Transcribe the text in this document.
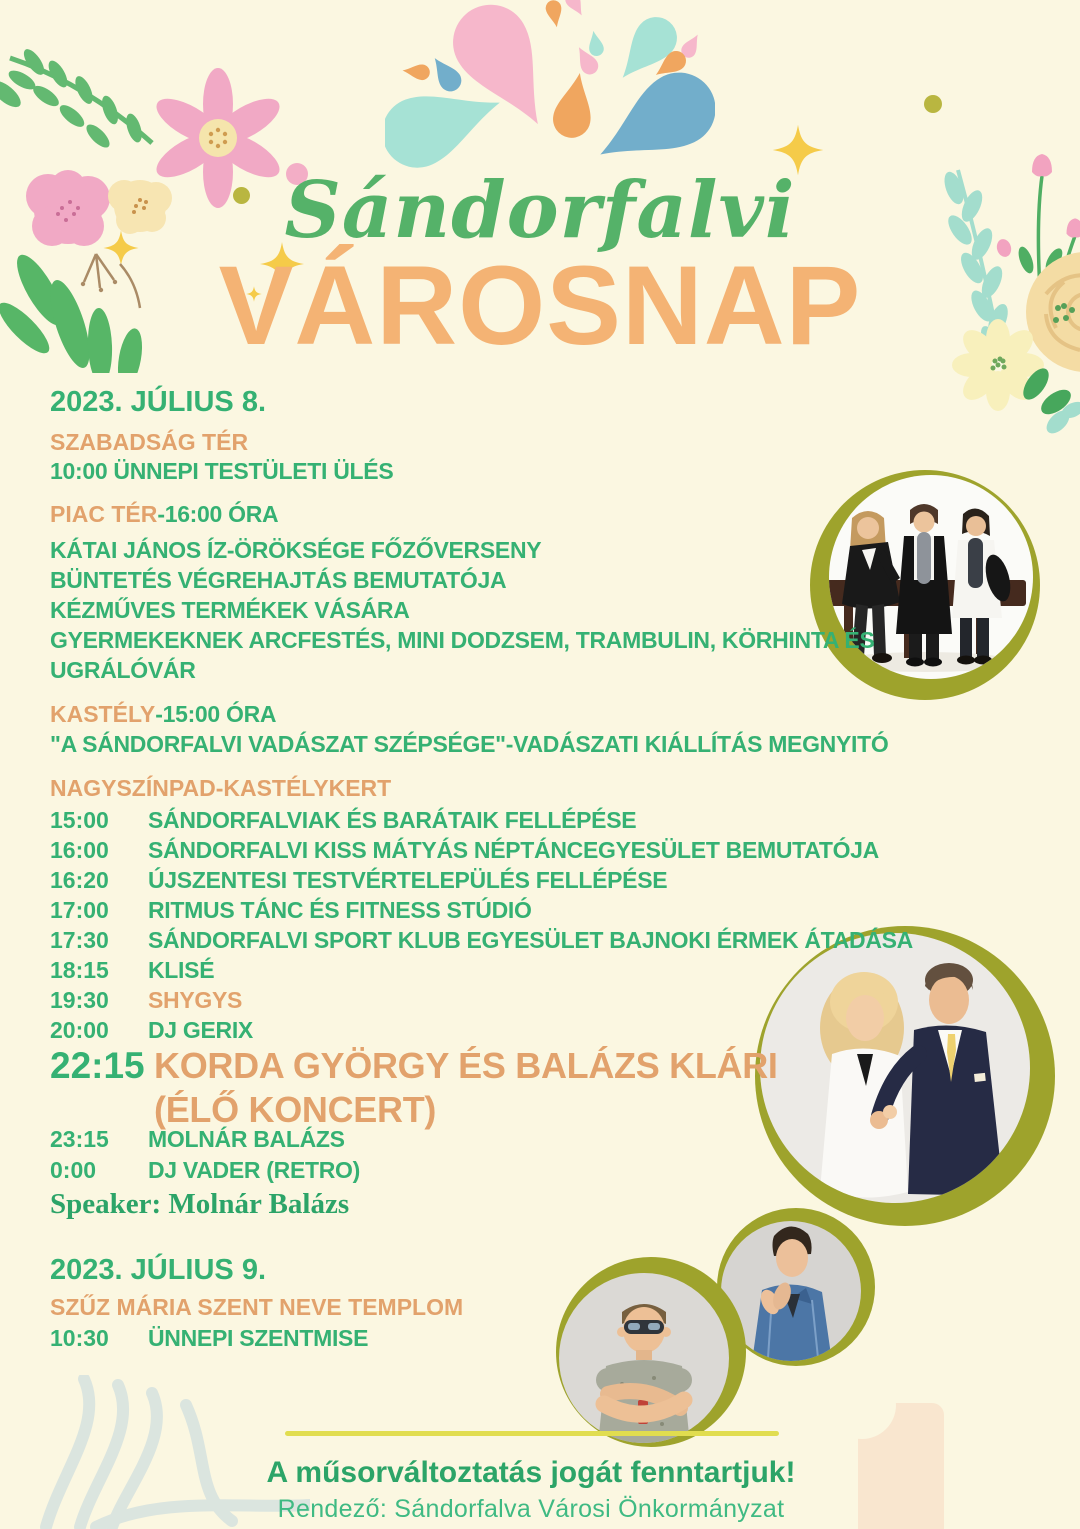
Sándorfalvi
VÁROSNAP
2023. JÚLIUS 8.
SZABADSÁG TÉR
10:00 ÜNNEPI TESTÜLETI ÜLÉS
PIAC TÉR-16:00 ÓRA
KÁTAI JÁNOS ÍZ-ÖRÖKSÉGE FŐZŐVERSENY
BÜNTETÉS VÉGREHAJTÁS BEMUTATÓJA
KÉZMŰVES TERMÉKEK VÁSÁRA
GYERMEKEKNEK ARCFESTÉS, MINI DODZSEM, TRAMBULIN, KÖRHINTA ÉS UGRÁLÓVÁR
KASTÉLY-15:00 ÓRA
"A SÁNDORFALVI VADÁSZAT SZÉPSÉGE"-VADÁSZATI KIÁLLÍTÁS MEGNYITÓ
NAGYSZÍNPAD-KASTÉLYKERT
15:00	SÁNDORFALVIAK ÉS BARÁTAIK FELLÉPÉSE
16:00	SÁNDORFALVI KISS MÁTYÁS NÉPTÁNCEGYESÜLET BEMUTATÓJA
16:20	ÚJSZENTESI TESTVÉRTELEPÜLÉS FELLÉPÉSE
17:00	RITMUS TÁNC ÉS FITNESS STÚDIÓ
17:30	SÁNDORFALVI SPORT KLUB EGYESÜLET BAJNOKI ÉRMEK ÁTADÁSA
18:15	KLISÉ
19:30	SHYGYS
20:00	DJ GERIX
22:15 KORDA GYÖRGY ÉS BALÁZS KLÁRI (ÉLŐ KONCERT)
23:15	MOLNÁR BALÁZS
0:00	DJ VADER (RETRO)
Speaker: Molnár Balázs
2023. JÚLIUS 9.
SZŰZ MÁRIA SZENT NEVE TEMPLOM
10:30	ÜNNEPI SZENTMISE
A műsorváltoztatás jogát fenntartjuk!
Rendező: Sándorfalva Városi Önkormányzat
